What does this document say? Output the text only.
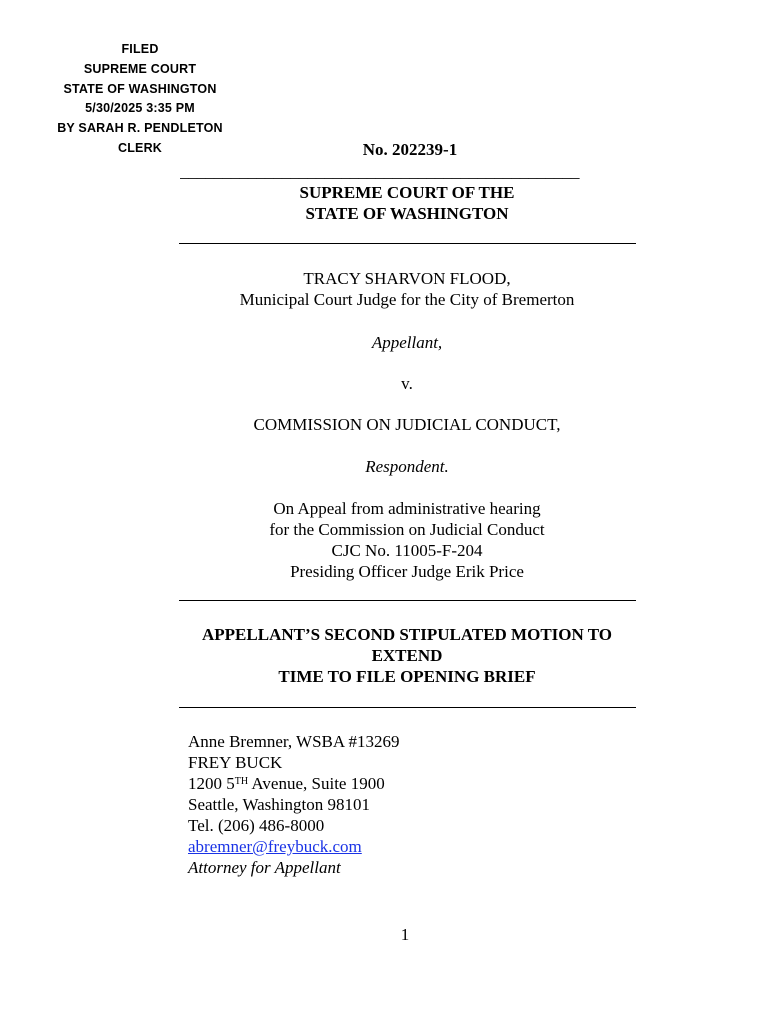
FILED
SUPREME COURT
STATE OF WASHINGTON
5/30/2025 3:35 PM
BY SARAH R. PENDLETON
CLERK	No. 202239-1
_______________________________________________
SUPREME COURT OF THE
STATE OF WASHINGTON
TRACY SHARVON FLOOD,
Municipal Court Judge for the City of Bremerton
Appellant,
v.
COMMISSION ON JUDICIAL CONDUCT,
Respondent.
On Appeal from administrative hearing
for the Commission on Judicial Conduct
CJC No. 11005-F-204
Presiding Officer Judge Erik Price
APPELLANT’S SECOND STIPULATED MOTION TO
EXTEND
TIME TO FILE OPENING BRIEF
Anne Bremner, WSBA #13269
FREY BUCK
1200 5TH Avenue, Suite 1900
Seattle, Washington 98101
Tel. (206) 486-8000
abremner@freybuck.com
Attorney for Appellant
1
